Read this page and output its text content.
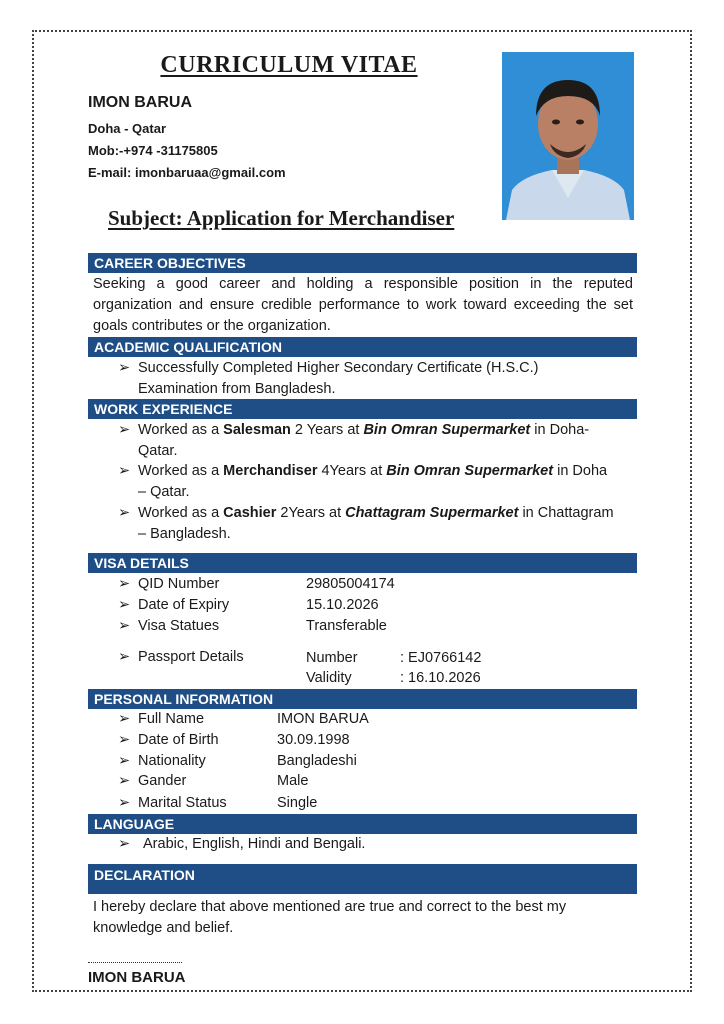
CURRICULUM VITAE
IMON BARUA
Doha - Qatar
Mob:-+974 -31175805
E-mail: imonbaruaa@gmail.com
Subject: Application for Merchandiser
CAREER OBJECTIVES
Seeking a good career and holding a responsible position in the reputed organization and ensure credible performance to work toward exceeding the set goals contributes or the organization.
ACADEMIC QUALIFICATION
➢ Successfully Completed Higher Secondary Certificate (H.S.C.)
Examination from Bangladesh.
WORK EXPERIENCE
➢ Worked as a Salesman 2 Years at Bin Omran Supermarket in Doha-
Qatar.
➢ Worked as a Merchandiser 4Years at Bin Omran Supermarket in Doha
– Qatar.
➢ Worked as a Cashier 2Years at Chattagram Supermarket in Chattagram
– Bangladesh.
VISA DETAILS
➢ QID Number	29805004174
➢ Date of Expiry	15.10.2026
➢ Visa Statues	Transferable
➢ Passport Details	Number	: EJ0766142
Validity	: 16.10.2026
PERSONAL INFORMATION
➢ Full Name	IMON BARUA
➢ Date of Birth	30.09.1998
➢ Nationality	Bangladeshi
➢ Gander	Male
➢ Marital Status	Single
LANGUAGE
➢ Arabic, English, Hindi and Bengali.
DECLARATION
I hereby declare that above mentioned are true and correct to the best my knowledge and belief.
IMON BARUA
